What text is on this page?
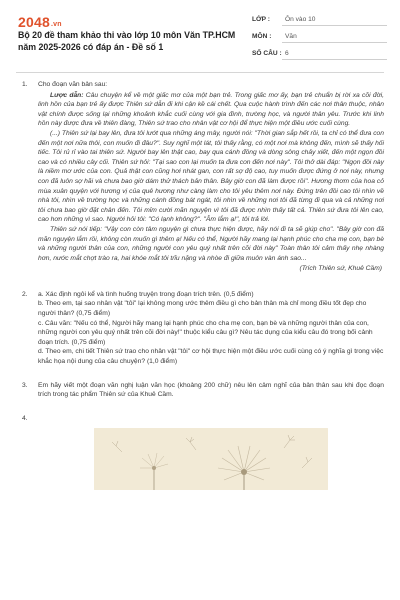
2048.vn
Bộ 20 đề tham khảo thi vào lớp 10 môn Văn TP.HCM năm 2025-2026 có đáp án - Đề số 1
LỚP : Ôn vào 10
MÔN : Văn
SỐ CÂU : 6
1. Cho đoạn văn bản sau:

Lược dẫn: Câu chuyện kể về một giấc mơ của một bạn trẻ. Trong giấc mơ ấy, bạn trẻ chuẩn bị rời xa cõi đời, linh hồn của bạn trẻ ấy được Thiên sứ dẫn đi khi cận kề cái chết. Qua cuộc hành trình đến các nơi thân thuộc, nhân vật chính được sống lại những khoảnh khắc cuối cùng với gia đình, trường học, và người thân yêu. Trước khi linh hồn này được đưa về thiên đàng, Thiên sứ trao cho nhân vật cơ hội để thực hiện một điều ước cuối cùng.

(...) Thiên sứ lại bay lên, đưa tôi lướt qua những áng mây, người nói: "Thời gian sắp hết rồi, ta chỉ có thể đưa con đến một nơi nữa thôi, con muốn đi đâu?". Suy nghĩ một lát, tôi thấy rằng, có một nơi mà không đến, mình sẽ thấy hối tiếc. Tôi rủ rỉ vào tai thiên sứ. Người bay lên thật cao, bay qua cánh đồng và dòng sông chảy xiết, đến một ngọn đồi cao và có nhiều cây cối. Thiên sứ hỏi: "Tại sao con lại muốn ta đưa con đến nơi này". Tôi thở dài đáp: "Ngọn đồi này là niềm mơ ước của con. Quả thật con cũng hơi nhát gan, con rất sợ độ cao, tuy muốn được đứng ở nơi này, nhưng con đã luôn sợ hãi và chưa bao giờ dám thử thách bản thân. Bây giờ con đã làm được rồi". Hương thơm của hoa cỏ mùa xuân quyện với hương vị của quê hương như càng làm cho tôi yêu thêm nơi này. Đứng trên đồi cao tôi nhìn về nhà tôi, nhìn về trường học và những cánh đồng bát ngát, tôi nhìn về những nơi tôi đã từng đi qua và cả những nơi tôi chưa bao giờ đặt chân đến. Tôi mỉm cười mãn nguyện vì tôi đã được nhìn thấy tất cả. Thiên sứ đưa tôi lên cao, cao hơn những vì sao. Người hỏi tôi: "Có lạnh không?". "Âm lắm ạ!", tôi trả lời.

Thiên sứ nói tiếp: "Vậy con còn tâm nguyện gì chưa thực hiện được, hãy nói đi ta sẽ giúp cho". "Bây giờ con đã mãn nguyện lắm rồi, không còn muốn gì thêm ạ! Nếu có thể, Người hãy mang lại hạnh phúc cho cha mẹ con, bạn bè và những người thân của con, những người con yêu quý nhất trên cõi đời này" Toàn thân tôi cảm thấy nhẹ nhàng hơn, nước mắt chợt trào ra, hai khóe mắt tôi trĩu nặng và nhòe đi giữa muôn vàn ánh sao...

(Trích Thiên sứ, Khuê Cầm)
2. a. Xác định ngôi kể và tình huống truyện trong đoạn trích trên. (0,5 điểm)
b. Theo em, tại sao nhân vật "tôi" lại không mong ước thêm điều gì cho bản thân mà chỉ mong điều tốt đẹp cho người thân? (0,75 điểm)
c. Câu văn: "Nếu có thể, Người hãy mang lại hạnh phúc cho cha mẹ con, bạn bè và những người thân của con, những người con yêu quý nhất trên cõi đời này!" thuộc kiểu câu gì? Nêu tác dụng của kiểu câu đó trong bối cảnh đoạn trích. (0,75 điểm)
d. Theo em, chi tiết Thiên sứ trao cho nhân vật "tôi" cơ hội thực hiện một điều ước cuối cùng có ý nghĩa gì trong việc khắc họa nội dung của câu chuyện? (1,0 điểm)
3. Em hãy viết một đoạn văn nghị luận văn học (khoảng 200 chữ) nêu lên cảm nghĩ của bản thân sau khi đọc đoạn trích trong tác phẩm Thiên sứ của Khuê Cầm.
4.
